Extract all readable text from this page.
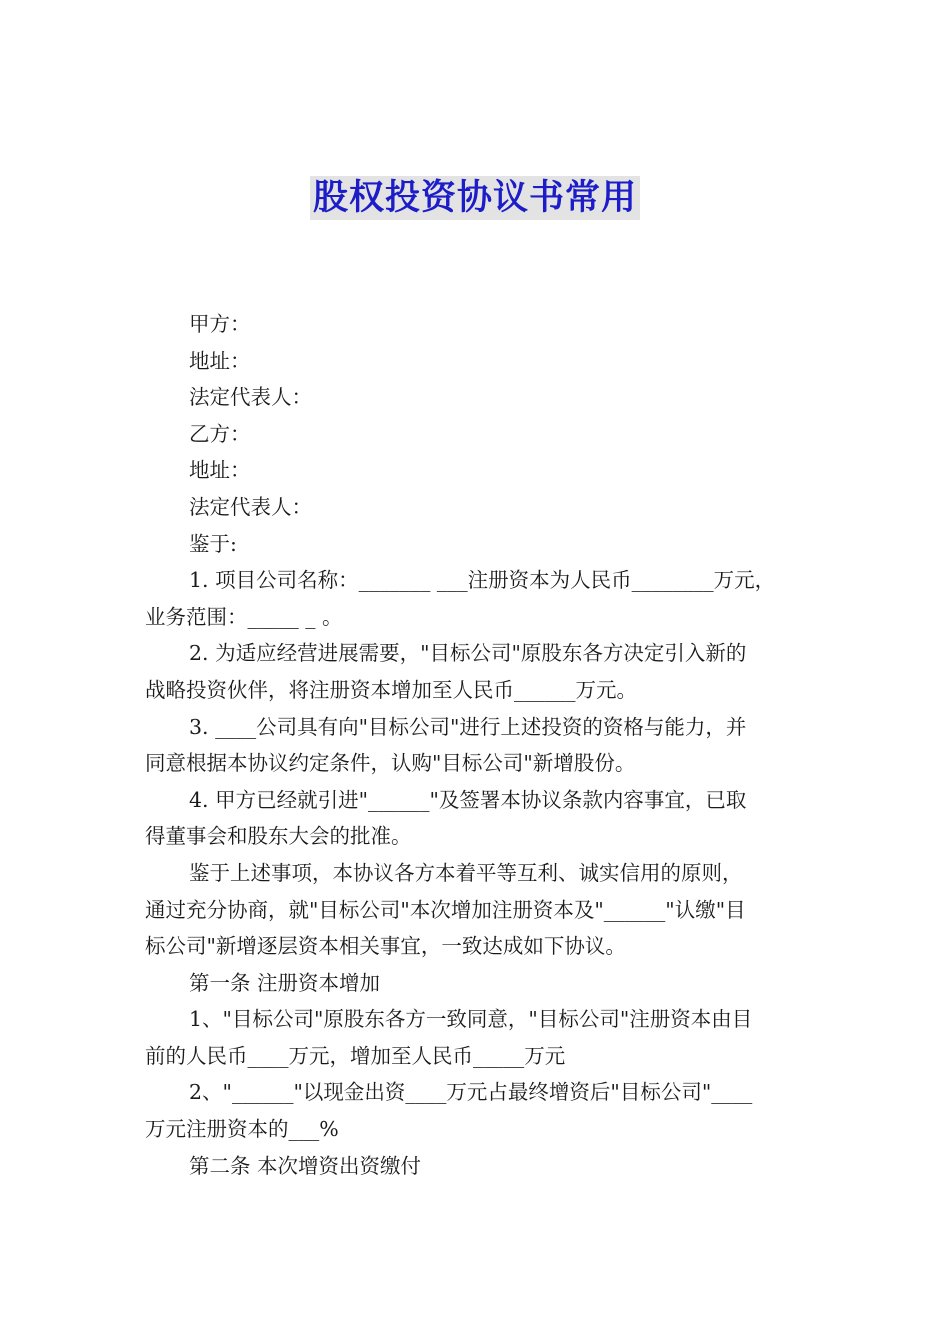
股权投资协议书常用

甲方：

地址：

法定代表人：

乙方：

地址：

法定代表人：

鉴于:

1. 项目公司名称：_______ ___注册资本为人民币________万元，

业务范围：_____ _ 。

2. 为适应经营进展需要，"目标公司"原股东各方决定引入新的

战略投资伙伴，将注册资本增加至人民币______万元。

3. ____公司具有向"目标公司"进行上述投资的资格与能力，并

同意根据本协议约定条件，认购"目标公司"新增股份。

4. 甲方已经就引进"______"及签署本协议条款内容事宜，已取

得董事会和股东大会的批准。

鉴于上述事项，本协议各方本着平等互利、诚实信用的原则，

通过充分协商，就"目标公司"本次增加注册资本及"______"认缴"目

标公司"新增逐层资本相关事宜，一致达成如下协议。

第一条 注册资本增加

1、"目标公司"原股东各方一致同意，"目标公司"注册资本由目

前的人民币____万元，增加至人民币_____万元

2、"______"以现金出资____万元占最终增资后"目标公司"____

万元注册资本的___%

第二条 本次增资出资缴付
